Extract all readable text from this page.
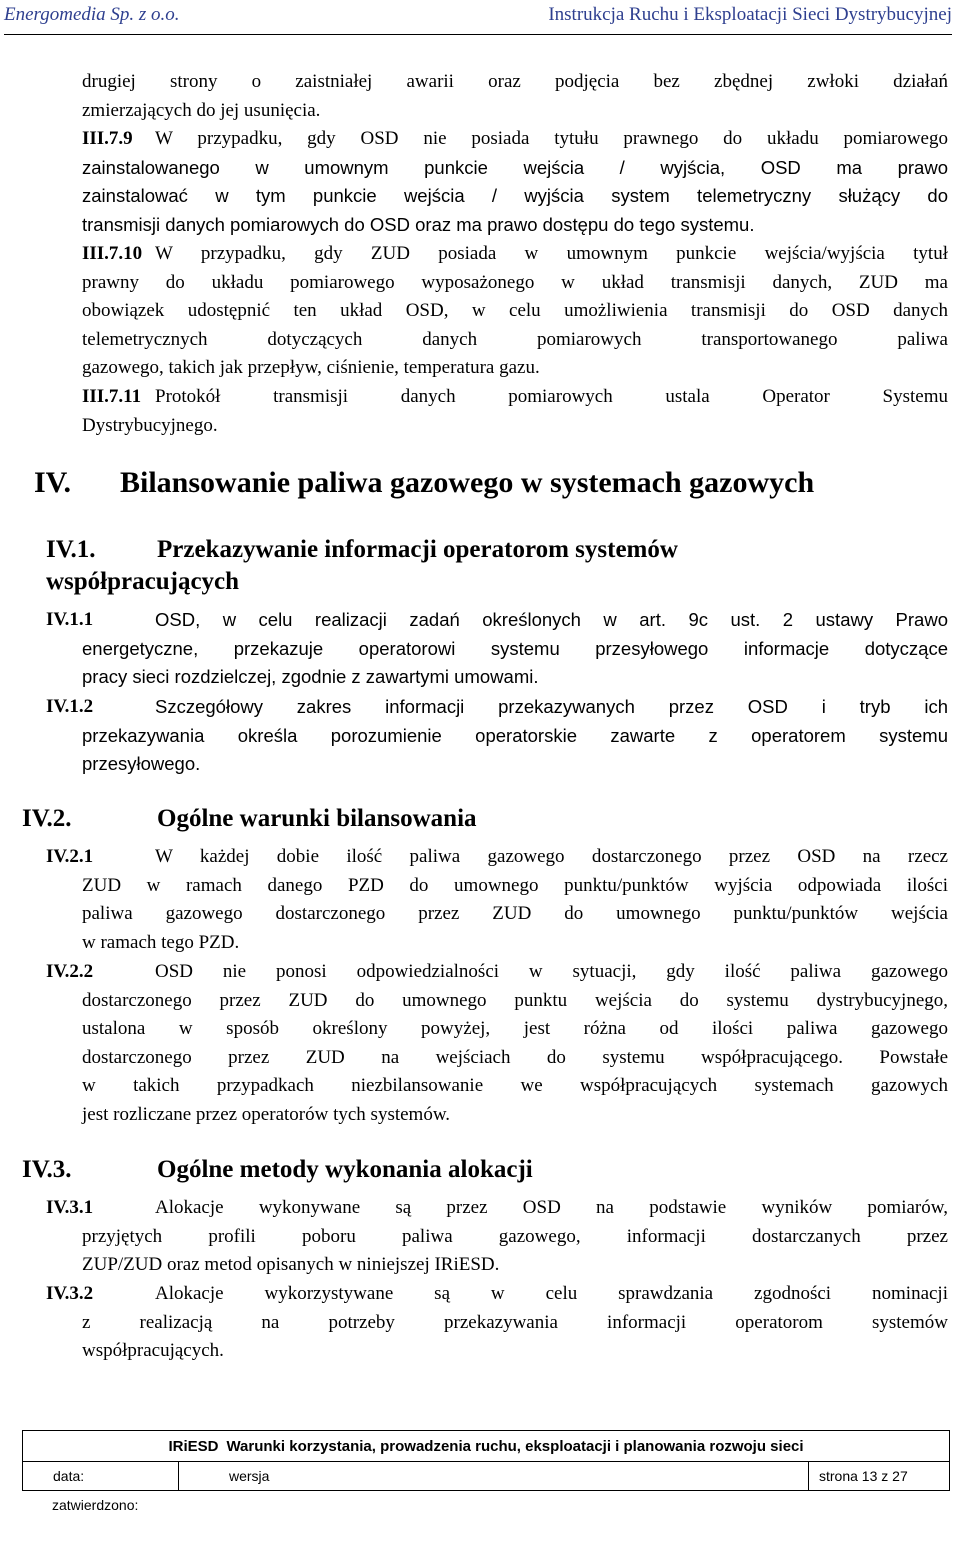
Energomedia Sp. z o.o.	Instrukcja Ruchu i Eksploatacji Sieci Dystrybucyjnej
drugiej strony o zaistniałej awarii oraz podjęcia bez zbędnej zwłoki działań
zmierzających do jej usunięcia.
III.7.9 W przypadku, gdy OSD nie posiada tytułu prawnego do układu pomiarowego
zainstalowanego w umownym punkcie wejścia / wyjścia, OSD ma prawo
zainstalować w tym punkcie wejścia / wyjścia system telemetryczny służący do
transmisji danych pomiarowych do OSD oraz ma prawo dostępu do tego systemu.
III.7.10 W przypadku, gdy ZUD posiada w umownym punkcie wejścia/wyjścia tytuł
prawny do układu pomiarowego wyposażonego w układ transmisji danych, ZUD ma
obowiązek udostępnić ten układ OSD, w celu umożliwienia transmisji do OSD danych
telemetrycznych dotyczących danych pomiarowych transportowanego paliwa
gazowego, takich jak przepływ, ciśnienie, temperatura gazu.
III.7.11 Protokół transmisji danych pomiarowych ustala Operator Systemu
Dystrybucyjnego.
IV. Bilansowanie paliwa gazowego w systemach gazowych
IV.1. Przekazywanie informacji operatorom systemów
współpracujących
IV.1.1	OSD, w celu realizacji zadań określonych w art. 9c ust. 2 ustawy Prawo
energetyczne, przekazuje operatorowi systemu przesyłowego informacje dotyczące
pracy sieci rozdzielczej, zgodnie z zawartymi umowami.
IV.1.2	Szczegółowy zakres informacji przekazywanych przez OSD i tryb ich
przekazywania określa porozumienie operatorskie zawarte z operatorem systemu
przesyłowego.
IV.2.	Ogólne warunki bilansowania
IV.2.1	W każdej dobie ilość paliwa gazowego dostarczonego przez OSD na rzecz
ZUD w ramach danego PZD do umownego punktu/punktów wyjścia odpowiada ilości
paliwa gazowego dostarczonego przez ZUD do umownego punktu/punktów wejścia
w ramach tego PZD.
IV.2.2	OSD nie ponosi odpowiedzialności w sytuacji, gdy ilość paliwa gazowego
dostarczonego przez ZUD do umownego punktu wejścia do systemu dystrybucyjnego,
ustalona w sposób określony powyżej, jest różna od ilości paliwa gazowego
dostarczonego przez ZUD na wejściach do systemu współpracującego. Powstałe
w takich przypadkach niezbilansowanie we współpracujących systemach gazowych
jest rozliczane przez operatorów tych systemów.
IV.3.	Ogólne metody wykonania alokacji
IV.3.1	Alokacje wykonywane są przez OSD na podstawie wyników pomiarów,
przyjętych profili poboru paliwa gazowego, informacji dostarczanych przez
ZUP/ZUD oraz metod opisanych w niniejszej IRiESD.
IV.3.2	Alokacje wykorzystywane są w celu sprawdzania zgodności nominacji
z realizacją na potrzeby przekazywania informacji operatorom systemów
współpracujących.
IRiESD Warunki korzystania, prowadzenia ruchu, eksploatacji i planowania rozwoju sieci
data:	wersja	strona 13 z 27
zatwierdzono:
